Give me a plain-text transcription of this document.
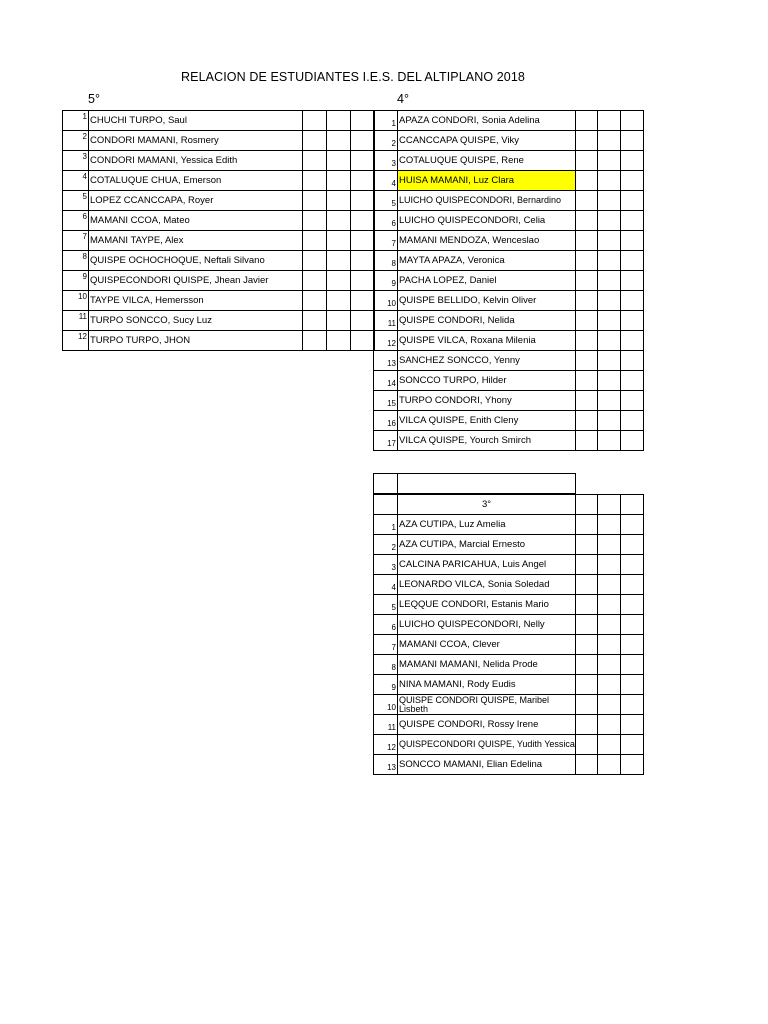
RELACION DE ESTUDIANTES I.E.S. DEL ALTIPLANO 2018
5°	4°
1	CHUCHI TURPO, Saul			
2	CONDORI MAMANI, Rosmery			
3	CONDORI MAMANI, Yessica Edith			
4	COTALUQUE CHUA, Emerson			
5	LOPEZ CCANCCAPA, Royer			
6	MAMANI CCOA, Mateo			
7	MAMANI TAYPE, Alex			
8	QUISPE OCHOCHOQUE, Neftali Silvano			
9	QUISPECONDORI QUISPE, Jhean Javier			
10	TAYPE VILCA, Hemersson			
11	TURPO SONCCO, Sucy Luz			
12	TURPO TURPO, JHON			
1	APAZA CONDORI, Sonia Adelina			
2	CCANCCAPA QUISPE, Viky			
3	COTALUQUE QUISPE, Rene			
4	HUISA MAMANI, Luz Clara			
5	LUICHO QUISPECONDORI, Bernardino			
6	LUICHO QUISPECONDORI, Celia			
7	MAMANI MENDOZA, Wenceslao			
8	MAYTA APAZA, Veronica			
9	PACHA LOPEZ, Daniel			
10	QUISPE BELLIDO, Kelvin Oliver			
11	QUISPE CONDORI, Nelida			
12	QUISPE VILCA, Roxana Milenia			
13	SANCHEZ SONCCO, Yenny			
14	SONCCO TURPO, Hilder			
15	TURPO CONDORI, Yhony			
16	VILCA QUISPE, Enith Cleny			
17	VILCA QUISPE, Yourch Smirch			

	3°			
1	AZA CUTIPA, Luz Amelia			
2	AZA CUTIPA, Marcial Ernesto			
3	CALCINA PARICAHUA, Luis Angel			
4	LEONARDO VILCA, Sonia Soledad			
5	LEQQUE CONDORI, Estanis Mario			
6	LUICHO QUISPECONDORI, Nelly			
7	MAMANI CCOA, Clever			
8	MAMANI MAMANI, Nelida Prode			
9	NINA MAMANI, Rody Eudis			
10	QUISPE CONDORI QUISPE, Maribel Lisbeth			
11	QUISPE CONDORI, Rossy Irene			
12	QUISPECONDORI QUISPE, Yudith Yessica			
13	SONCCO MAMANI, Elian Edelina			
